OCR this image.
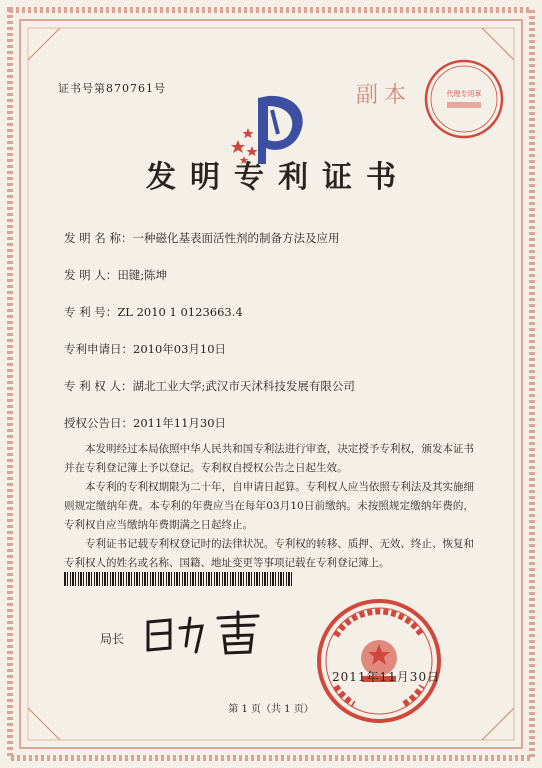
证书号第870761号	副本	代理专用章
发明专利证书
发 明 名 称：一种磁化基表面活性剂的制备方法及应用
发 明 人：田键;陈坤
专 利 号：ZL 2010 1 0123663.4
专利申请日：2010年03月10日
专 利 权 人：湖北工业大学;武汉市天沭科技发展有限公司
授权公告日：2011年11月30日
本发明经过本局依照中华人民共和国专利法进行审查，决定授予专利权，颁发本证书并在专利登记簿上予以登记。专利权自授权公告之日起生效。
本专利的专利权期限为二十年，自申请日起算。专利权人应当依照专利法及其实施细则规定缴纳年费。本专利的年费应当在每年03月10日前缴纳。未按照规定缴纳年费的，专利权自应当缴纳年费期满之日起终止。
专利证书记载专利权登记时的法律状况。专利权的转移、质押、无效、终止、恢复和专利权人的姓名或名称、国籍、地址变更等事项记载在专利登记簿上。
局长
2011年11月30日
第 1 页（共 1 页）
